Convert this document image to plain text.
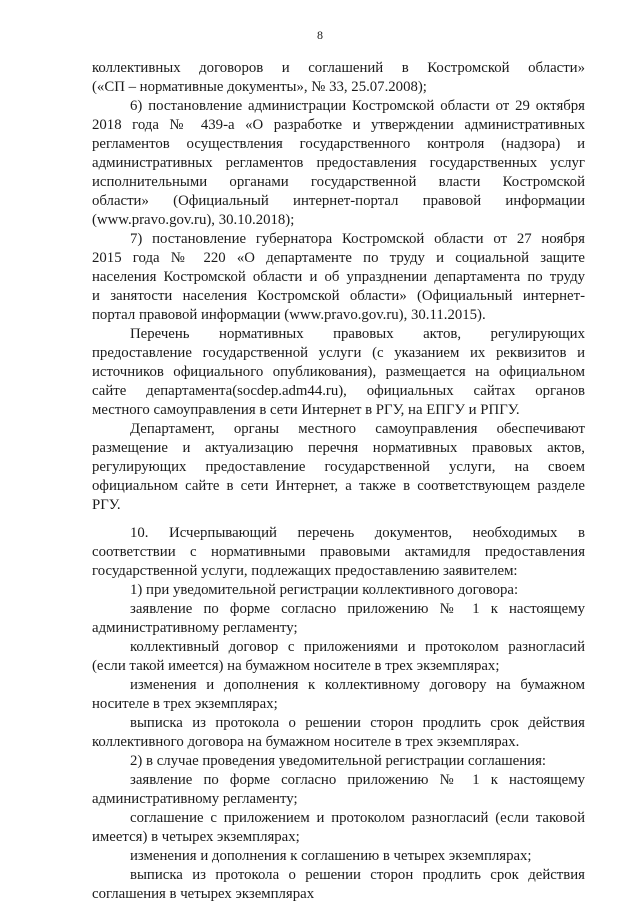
8
коллективных договоров и соглашений в Костромской области»
(«СП – нормативные документы», № 33, 25.07.2008);
6) постановление администрации Костромской области от 29 октября
2018 года № 439-а «О разработке и утверждении административных
регламентов осуществления государственного контроля (надзора) и
административных регламентов предоставления государственных услуг
исполнительными органами государственной власти Костромской
области» (Официальный интернет-портал правовой информации
(www.pravo.gov.ru), 30.10.2018);
7) постановление губернатора Костромской области от 27 ноября
2015 года № 220 «О департаменте по труду и социальной защите
населения Костромской области и об упразднении департамента по труду
и занятости населения Костромской области» (Официальный интернет-
портал правовой информации (www.pravo.gov.ru), 30.11.2015).
Перечень нормативных правовых актов, регулирующих
предоставление государственной услуги (с указанием их реквизитов и
источников официального опубликования), размещается на официальном
сайте департамента(socdep.adm44.ru), официальных сайтах органов
местного самоуправления в сети Интернет в РГУ, на ЕПГУ и РПГУ.
Департамент, органы местного самоуправления обеспечивают
размещение и актуализацию перечня нормативных правовых актов,
регулирующих предоставление государственной услуги, на своем
официальном сайте в сети Интернет, а также в соответствующем разделе
РГУ.
10. Исчерпывающий перечень документов, необходимых в
соответствии с нормативными правовыми актамидля предоставления
государственной услуги, подлежащих предоставлению заявителем:
1) при уведомительной регистрации коллективного договора:
заявление по форме согласно приложению № 1 к настоящему
административному регламенту;
коллективный договор с приложениями и протоколом разногласий
(если такой имеется) на бумажном носителе в трех экземплярах;
изменения и дополнения к коллективному договору на бумажном
носителе в трех экземплярах;
выписка из протокола о решении сторон продлить срок действия
коллективного договора на бумажном носителе в трех экземплярах.
2) в случае проведения уведомительной регистрации соглашения:
заявление по форме согласно приложению № 1 к настоящему
административному регламенту;
соглашение с приложением и протоколом разногласий (если таковой
имеется) в четырех экземплярах;
изменения и дополнения к соглашению в четырех экземплярах;
выписка из протокола о решении сторон продлить срок действия
соглашения в четырех экземплярах
